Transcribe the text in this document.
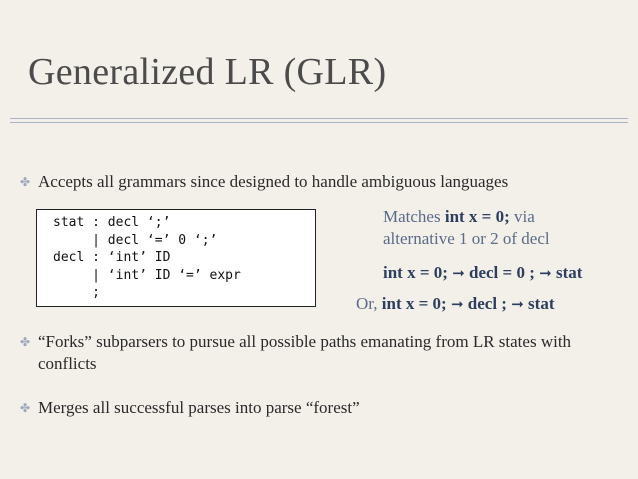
Generalized LR (GLR)
✤ Accepts all grammars since designed to handle ambiguous languages
stat : decl ‘;’
| decl ‘=’ 0 ‘;’
decl : ‘int’ ID
| ‘int’ ID ‘=’ expr
;
Matches int x = 0; via
alternative 1 or 2 of decl
int x = 0; ➞ decl = 0 ; ➞ stat
Or, int x = 0; ➞ decl ; ➞ stat
✤ “Forks” subparsers to pursue all possible paths emanating from LR states with conflicts
✤ Merges all successful parses into parse “forest”
